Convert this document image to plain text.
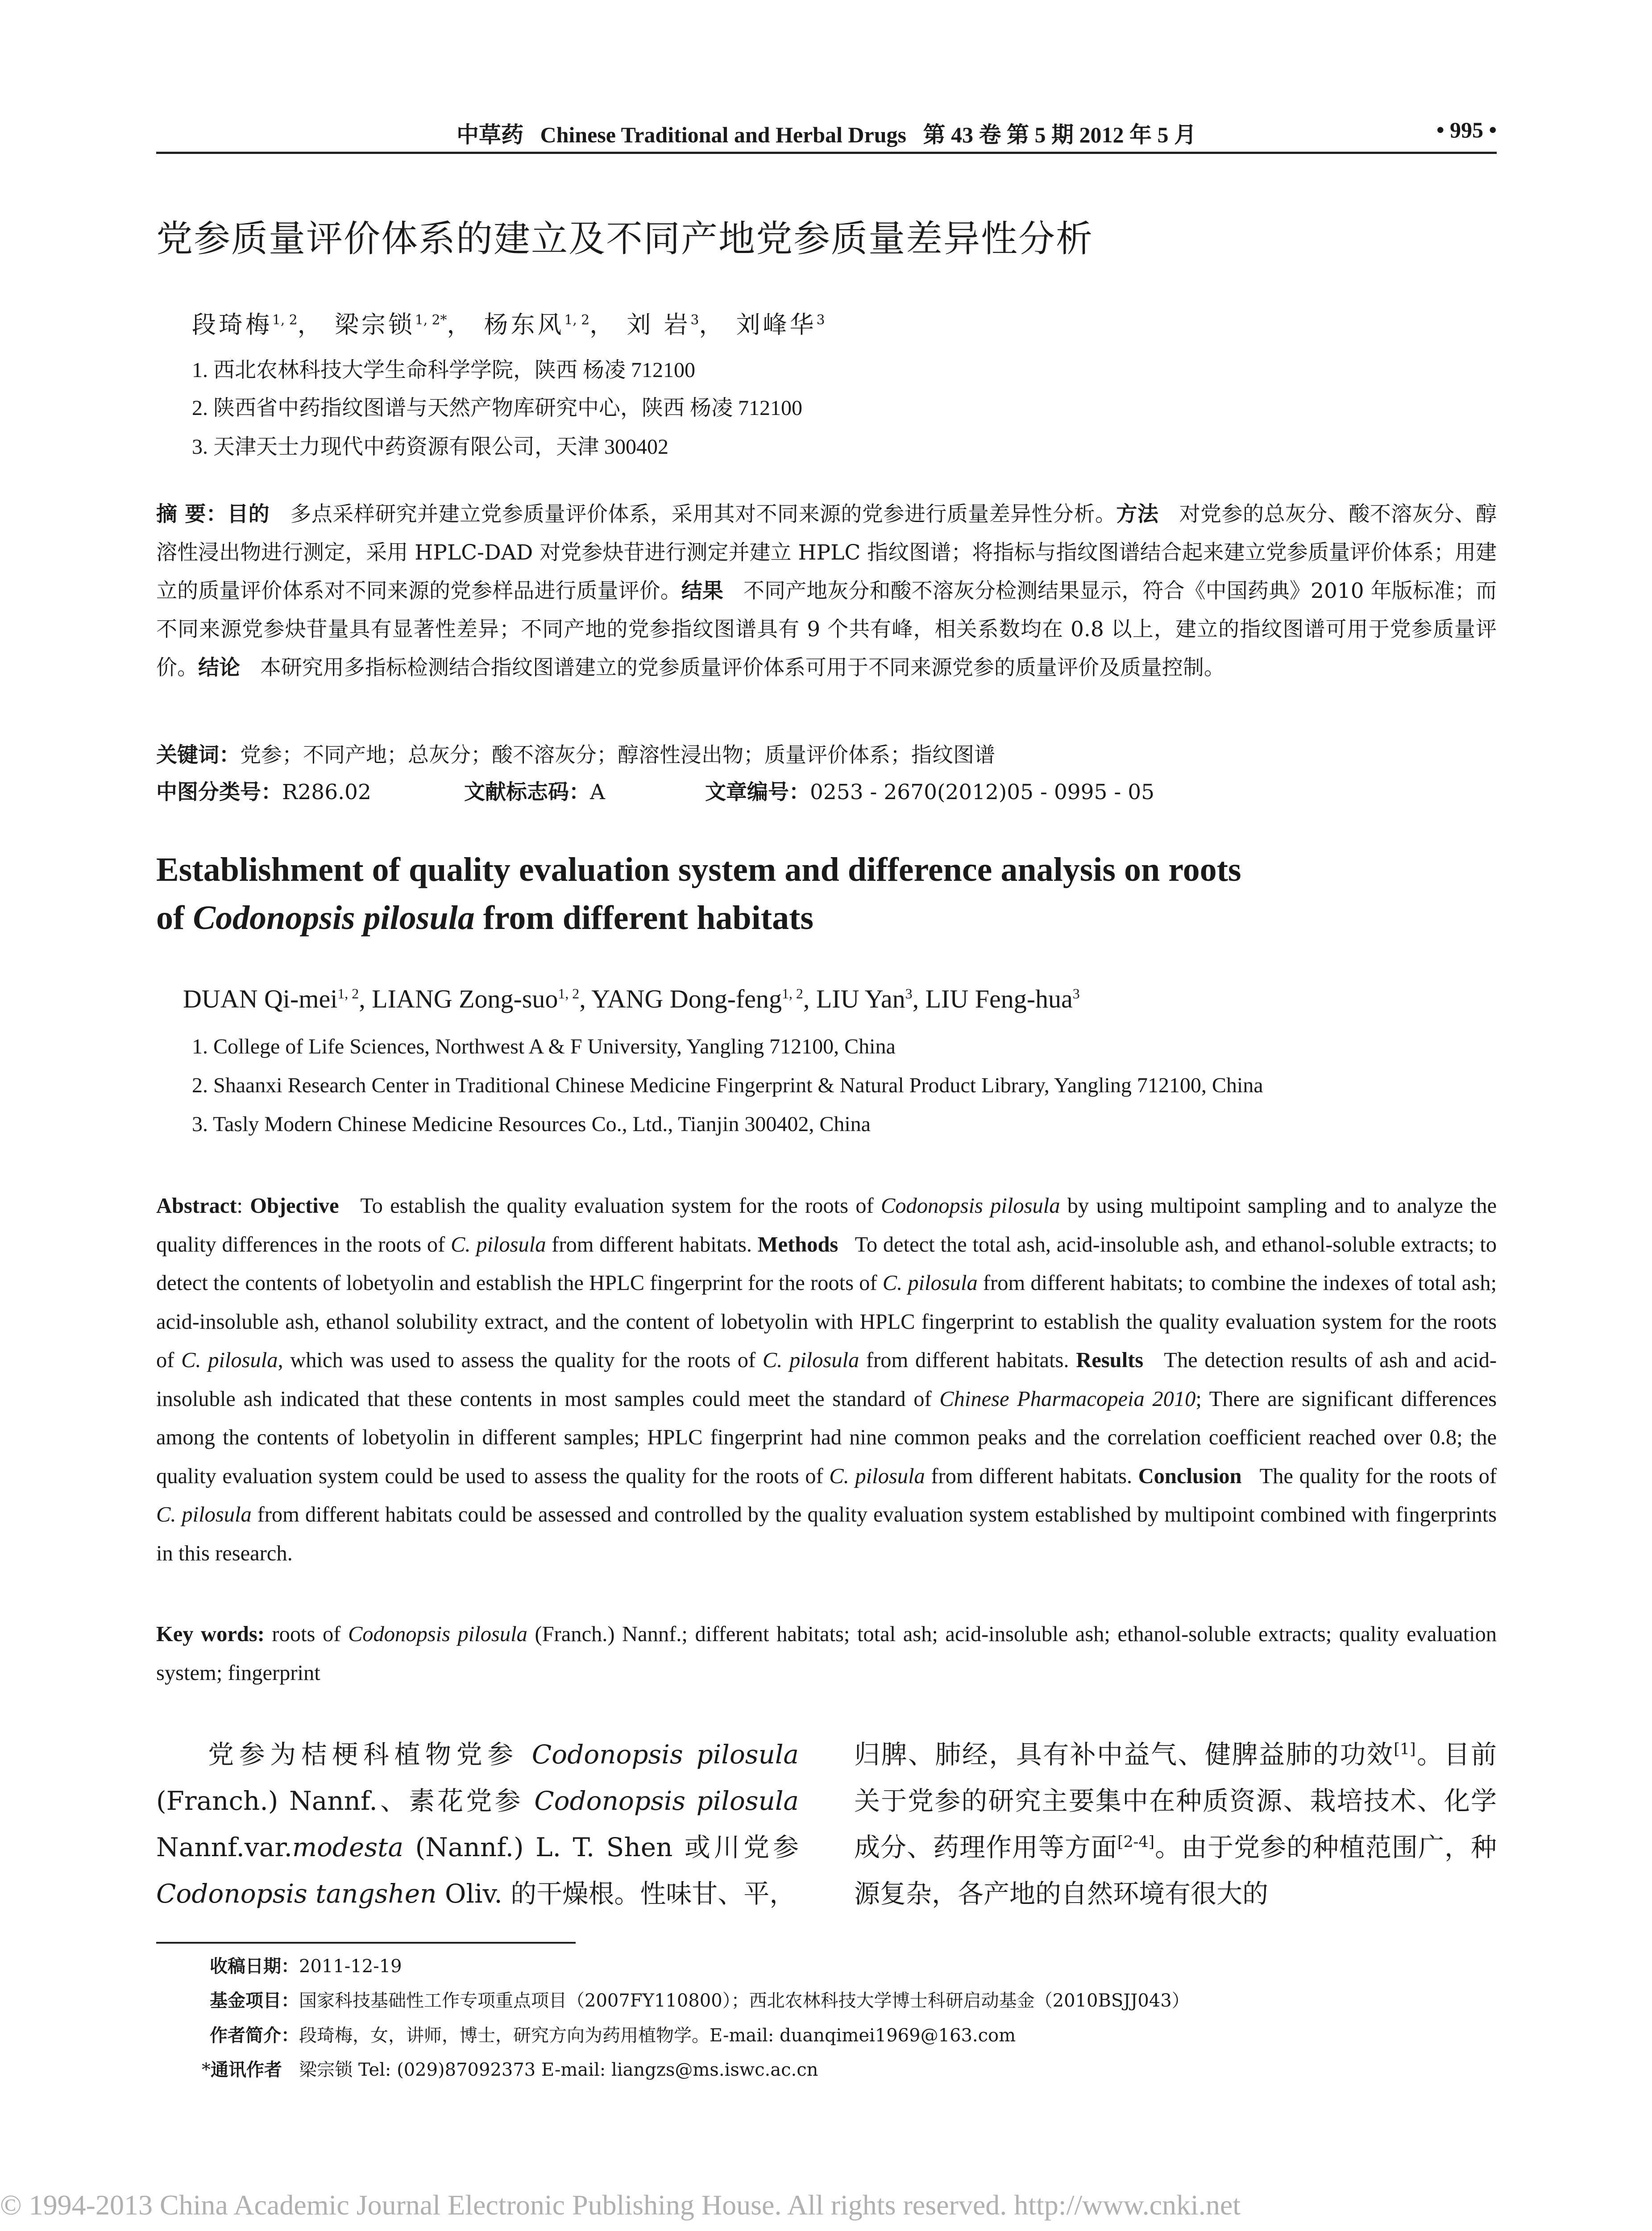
中草药 Chinese Traditional and Herbal Drugs 第 43 卷 第 5 期 2012 年 5 月	• 995 •
党参质量评价体系的建立及不同产地党参质量差异性分析
段琦梅$^{1, 2}$， 梁宗锁$^{1, 2*}$， 杨东风$^{1, 2}$， 刘 岩$^3$， 刘峰华$^3$
1. 西北农林科技大学生命科学学院，陕西 杨凌 712100
2. 陕西省中药指纹图谱与天然产物库研究中心，陕西 杨凌 712100
3. 天津天士力现代中药资源有限公司，天津 300402
摘 要：目的 多点采样研究并建立党参质量评价体系，采用其对不同来源的党参进行质量差异性分析。方法 对党参的总灰分、酸不溶灰分、醇溶性浸出物进行测定，采用 HPLC-DAD 对党参炔苷进行测定并建立 HPLC 指纹图谱；将指标与指纹图谱结合起来建立党参质量评价体系；用建立的质量评价体系对不同来源的党参样品进行质量评价。结果 不同产地灰分和酸不溶灰分检测结果显示，符合《中国药典》2010 年版标准；而不同来源党参炔苷量具有显著性差异；不同产地的党参指纹图谱具有 9 个共有峰，相关系数均在 0.8 以上，建立的指纹图谱可用于党参质量评价。结论 本研究用多指标检测结合指纹图谱建立的党参质量评价体系可用于不同来源党参的质量评价及质量控制。
关键词：党参；不同产地；总灰分；酸不溶灰分；醇溶性浸出物；质量评价体系；指纹图谱
中图分类号：R286.02	文献标志码：A	文章编号：0253 - 2670(2012)05 - 0995 - 05
Establishment of quality evaluation system and difference analysis on roots
of Codonopsis pilosula from different habitats
DUAN Qi-mei$^{1, 2}$, LIANG Zong-suo$^{1, 2}$, YANG Dong-feng$^{1, 2}$, LIU Yan$^3$, LIU Feng-hua$^3$
1. College of Life Sciences, Northwest A & F University, Yangling 712100, China
2. Shaanxi Research Center in Traditional Chinese Medicine Fingerprint & Natural Product Library, Yangling 712100, China
3. Tasly Modern Chinese Medicine Resources Co., Ltd., Tianjin 300402, China
Abstract: Objective To establish the quality evaluation system for the roots of Codonopsis pilosula by using multipoint sampling and to analyze the quality differences in the roots of C. pilosula from different habitats. Methods To detect the total ash, acid-insoluble ash, and ethanol-soluble extracts; to detect the contents of lobetyolin and establish the HPLC fingerprint for the roots of C. pilosula from different habitats; to combine the indexes of total ash; acid-insoluble ash, ethanol solubility extract, and the content of lobetyolin with HPLC fingerprint to establish the quality evaluation system for the roots of C. pilosula, which was used to assess the quality for the roots of C. pilosula from different habitats. Results The detection results of ash and acid-insoluble ash indicated that these contents in most samples could meet the standard of Chinese Pharmacopeia 2010; There are significant differences among the contents of lobetyolin in different samples; HPLC fingerprint had nine common peaks and the correlation coefficient reached over 0.8; the quality evaluation system could be used to assess the quality for the roots of C. pilosula from different habitats. Conclusion The quality for the roots of C. pilosula from different habitats could be assessed and controlled by the quality evaluation system established by multipoint combined with fingerprints in this research.
Key words: roots of Codonopsis pilosula (Franch.) Nannf.; different habitats; total ash; acid-insoluble ash; ethanol-soluble extracts; quality evaluation system; fingerprint

党参为桔梗科植物党参 Codonopsis pilosula (Franch.) Nannf.、素花党参 Codonopsis pilosula Nannf.var.modesta (Nannf.) L. T. Shen 或川党参 Codonopsis tangshen Oliv. 的干燥根。性味甘、平，

归脾、肺经，具有补中益气、健脾益肺的功效[1]。目前关于党参的研究主要集中在种质资源、栽培技术、化学成分、药理作用等方面[2-4]。由于党参的种植范围广，种源复杂，各产地的自然环境有很大的

收稿日期：2011-12-19
基金项目：国家科技基础性工作专项重点项目（2007FY110800）；西北农林科技大学博士科研启动基金（2010BSJJ043）
作者简介：段琦梅，女，讲师，博士，研究方向为药用植物学。E-mail: duanqimei1969@163.com
*通讯作者 梁宗锁 Tel: (029)87092373 E-mail: liangzs@ms.iswc.ac.cn
© 1994-2013 China Academic Journal Electronic Publishing House. All rights reserved. http://www.cnki.net
